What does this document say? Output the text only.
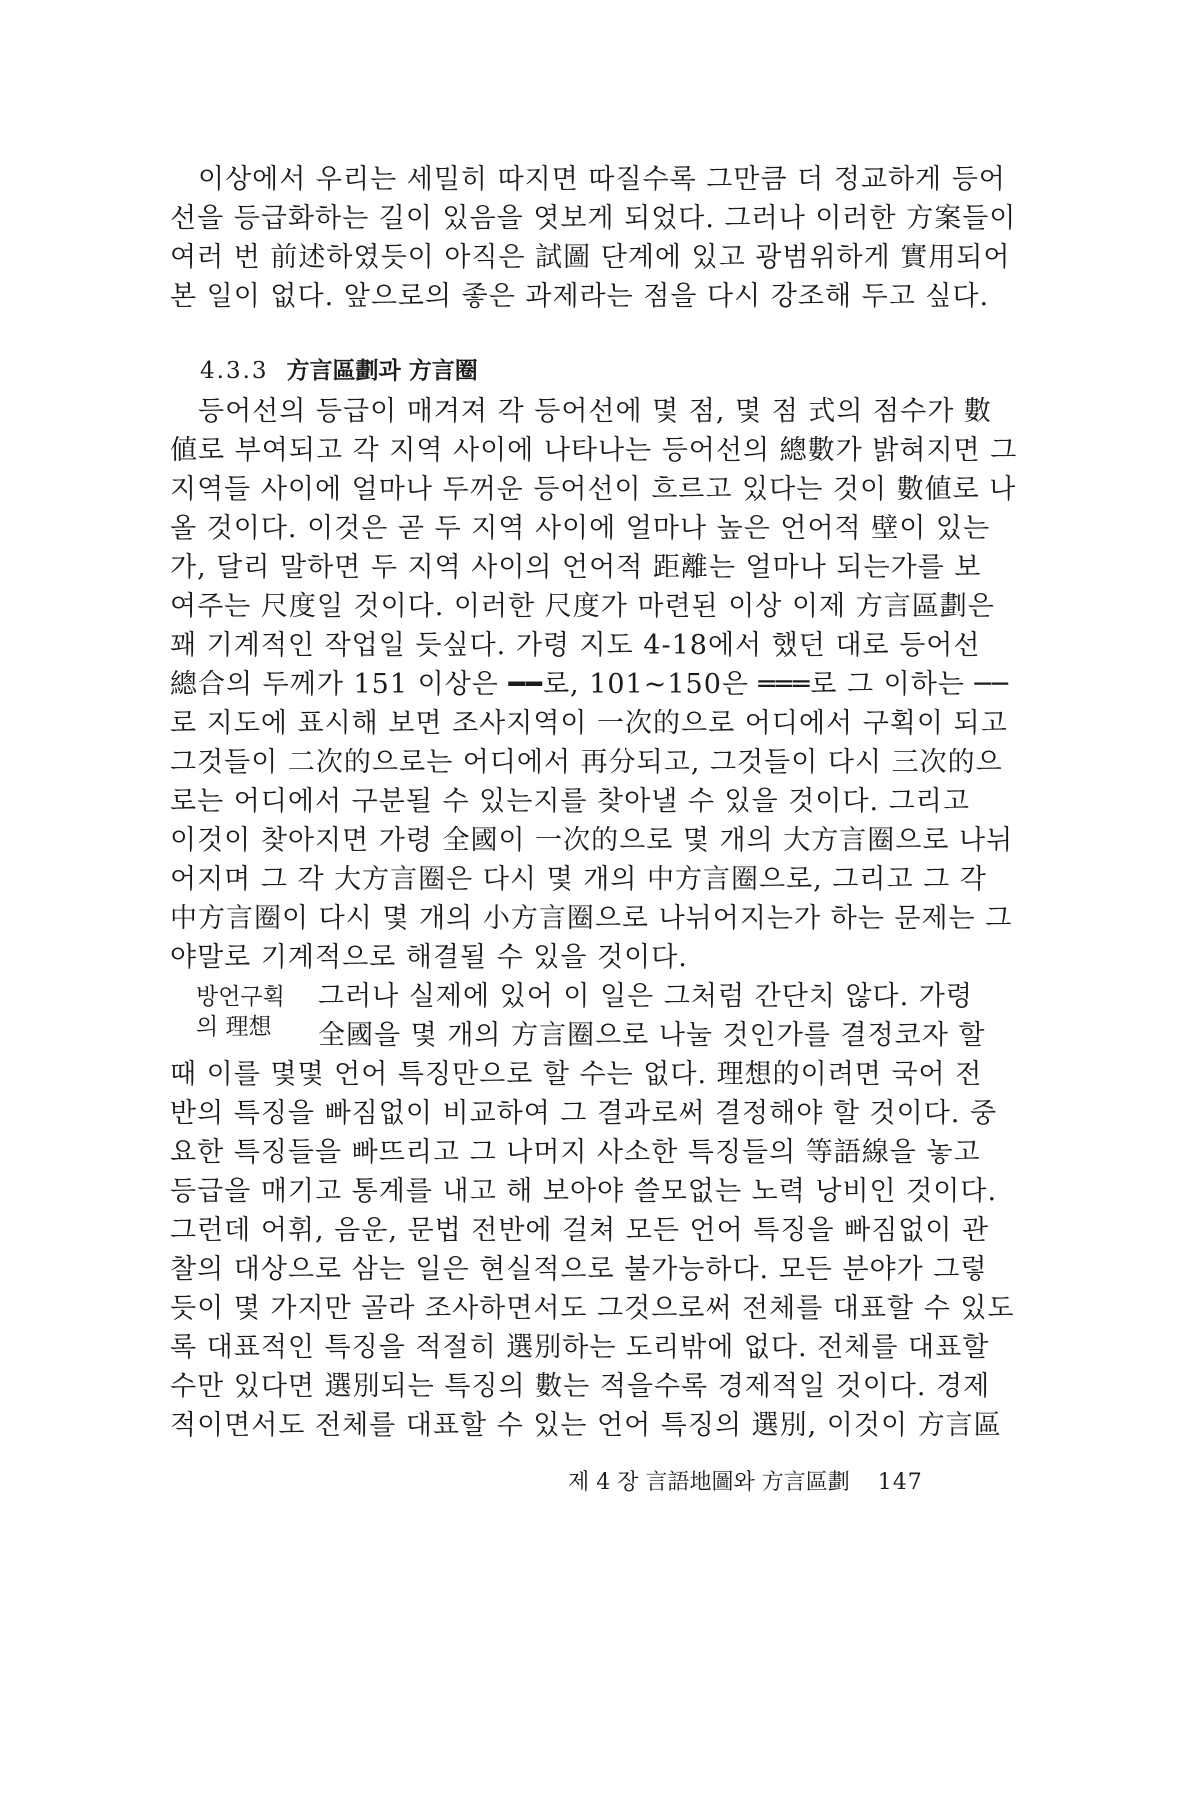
이상에서 우리는 세밀히 따지면 따질수록 그만큼 더 정교하게 등어
선을 등급화하는 길이 있음을 엿보게 되었다. 그러나 이러한 方案들이
여러 번 前述하였듯이 아직은 試圖 단계에 있고 광범위하게 實用되어
본 일이 없다. 앞으로의 좋은 과제라는 점을 다시 강조해 두고 싶다.
4.3.3 方言區劃과 方言圈
등어선의 등급이 매겨져 각 등어선에 몇 점, 몇 점 式의 점수가 數
値로 부여되고 각 지역 사이에 나타나는 등어선의 總數가 밝혀지면 그
지역들 사이에 얼마나 두꺼운 등어선이 흐르고 있다는 것이 數値로 나
올 것이다. 이것은 곧 두 지역 사이에 얼마나 높은 언어적 壁이 있는
가, 달리 말하면 두 지역 사이의 언어적 距離는 얼마나 되는가를 보
여주는 尺度일 것이다. 이러한 尺度가 마련된 이상 이제 方言區劃은
꽤 기계적인 작업일 듯싶다. 가령 지도 4-18에서 했던 대로 등어선
總合의 두께가 151 이상은 ━━로, 101∼150은 ═══로 그 이하는 ──
로 지도에 표시해 보면 조사지역이 一次的으로 어디에서 구획이 되고
그것들이 二次的으로는 어디에서 再分되고, 그것들이 다시 三次的으
로는 어디에서 구분될 수 있는지를 찾아낼 수 있을 것이다. 그리고
이것이 찾아지면 가령 全國이 一次的으로 몇 개의 大方言圈으로 나뉘
어지며 그 각 大方言圈은 다시 몇 개의 中方言圈으로, 그리고 그 각
中方言圈이 다시 몇 개의 小方言圈으로 나뉘어지는가 하는 문제는 그
야말로 기계적으로 해결될 수 있을 것이다.
방언구획
의 理想
그러나 실제에 있어 이 일은 그처럼 간단치 않다. 가령
全國을 몇 개의 方言圈으로 나눌 것인가를 결정코자 할
때 이를 몇몇 언어 특징만으로 할 수는 없다. 理想的이려면 국어 전
반의 특징을 빠짐없이 비교하여 그 결과로써 결정해야 할 것이다. 중
요한 특징들을 빠뜨리고 그 나머지 사소한 특징들의 等語線을 놓고
등급을 매기고 통계를 내고 해 보아야 쓸모없는 노력 낭비인 것이다.
그런데 어휘, 음운, 문법 전반에 걸쳐 모든 언어 특징을 빠짐없이 관
찰의 대상으로 삼는 일은 현실적으로 불가능하다. 모든 분야가 그렇
듯이 몇 가지만 골라 조사하면서도 그것으로써 전체를 대표할 수 있도
록 대표적인 특징을 적절히 選別하는 도리밖에 없다. 전체를 대표할
수만 있다면 選別되는 특징의 數는 적을수록 경제적일 것이다. 경제
적이면서도 전체를 대표할 수 있는 언어 특징의 選別, 이것이 方言區
제 4 장 言語地圖와 方言區劃 147
